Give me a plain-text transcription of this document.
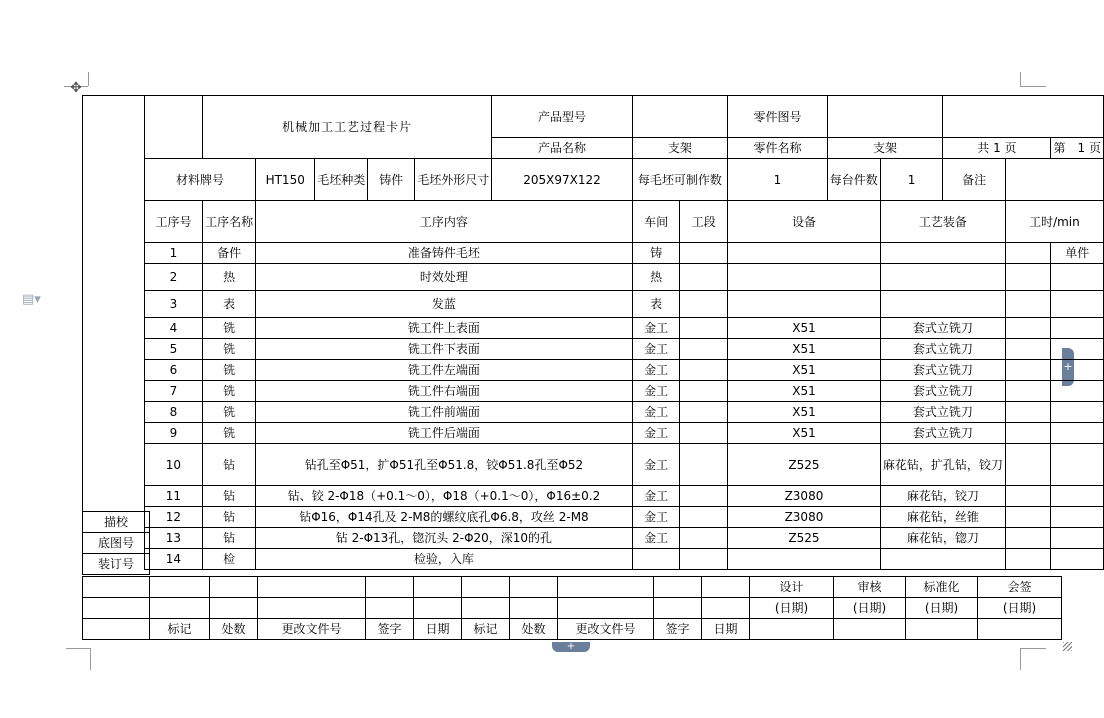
✥
▤▾
+
+
		机械加工工艺过程卡片					产品型号			零件图号					
							产品名称	支架		零件名称	支架		共 1 页		第　1 页
	材料牌号		HT150	毛坯种类	铸件	毛坯外形尺寸	205X97X122	每毛坯可制作数		1	每台件数	1	备注		
	工序号	工序名称	工序内容					车间	工段	设备		工艺装备		工时/min	
	1	备件	准备铸件毛坯					铸							单件
	2	热	时效处理					热							
	3	表	发蓝					表							
	4	铣	铣工件上表面					金工		X51		套式立铣刀			
	5	铣	铣工件下表面					金工		X51		套式立铣刀			
	6	铣	铣工件左端面					金工		X51		套式立铣刀			
	7	铣	铣工件右端面					金工		X51		套式立铣刀			
	8	铣	铣工件前端面					金工		X51		套式立铣刀			
	9	铣	铣工件后端面					金工		X51		套式立铣刀			
	10	钻	钻孔至Φ51，扩Φ51孔至Φ51.8，铰Φ51.8孔至Φ52					金工		Z525		麻花钻，扩孔钻，铰刀			
	11	钻	钻、铰 2-Φ18（+0.1～0），Φ18（+0.1～0），Φ16±0.2					金工		Z3080		麻花钻，铰刀			
	12	钻	钻Φ16，Φ14孔及 2-M8的螺纹底孔Φ6.8，攻丝 2-M8					金工		Z3080		麻花钻，丝锥			
	13	钻	钻 2-Φ13孔，锪沉头 2-Φ20，深10的孔					金工		Z525		麻花钻，锪刀			
	14	检	检验，入库												
描校
底图号
装订号
											设计	审核	标准化	会签
											(日期)	(日期)	(日期)	(日期)
	标记	处数	更改文件号	签字	日期	标记	处数	更改文件号	签字	日期				
